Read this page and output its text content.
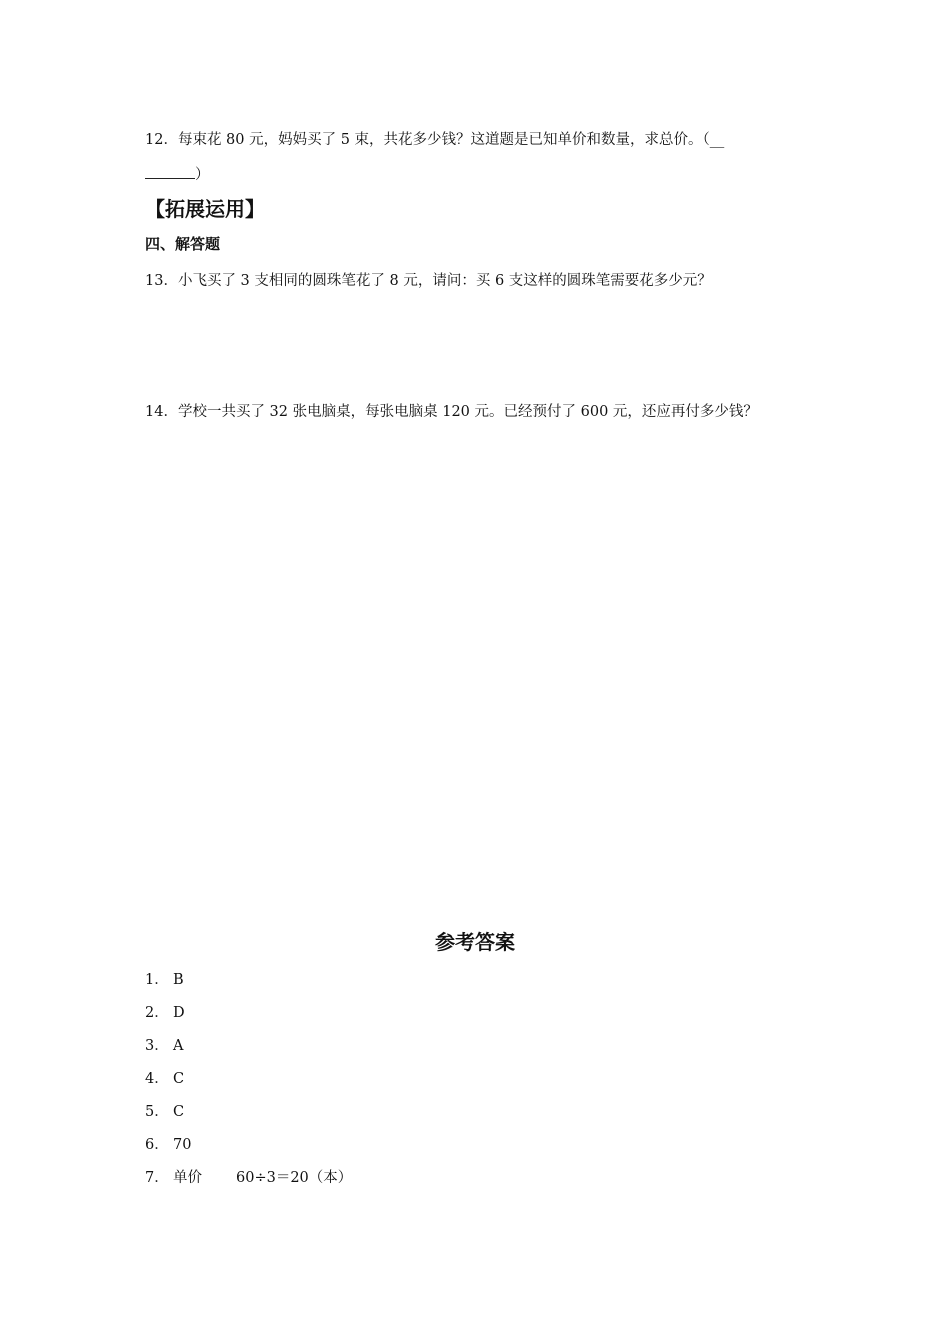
12．每束花 80 元，妈妈买了 5 束，共花多少钱？这道题是已知单价和数量，求总价。（__
）
【拓展运用】
四、解答题
13．小飞买了 3 支相同的圆珠笔花了 8 元，请问：买 6 支这样的圆珠笔需要花多少元？
14．学校一共买了 32 张电脑桌，每张电脑桌 120 元。已经预付了 600 元，还应再付多少钱？
参考答案
1． B
2． D
3． A
4． C
5． C
6． 70
7． 单价 60÷3＝20（本）
